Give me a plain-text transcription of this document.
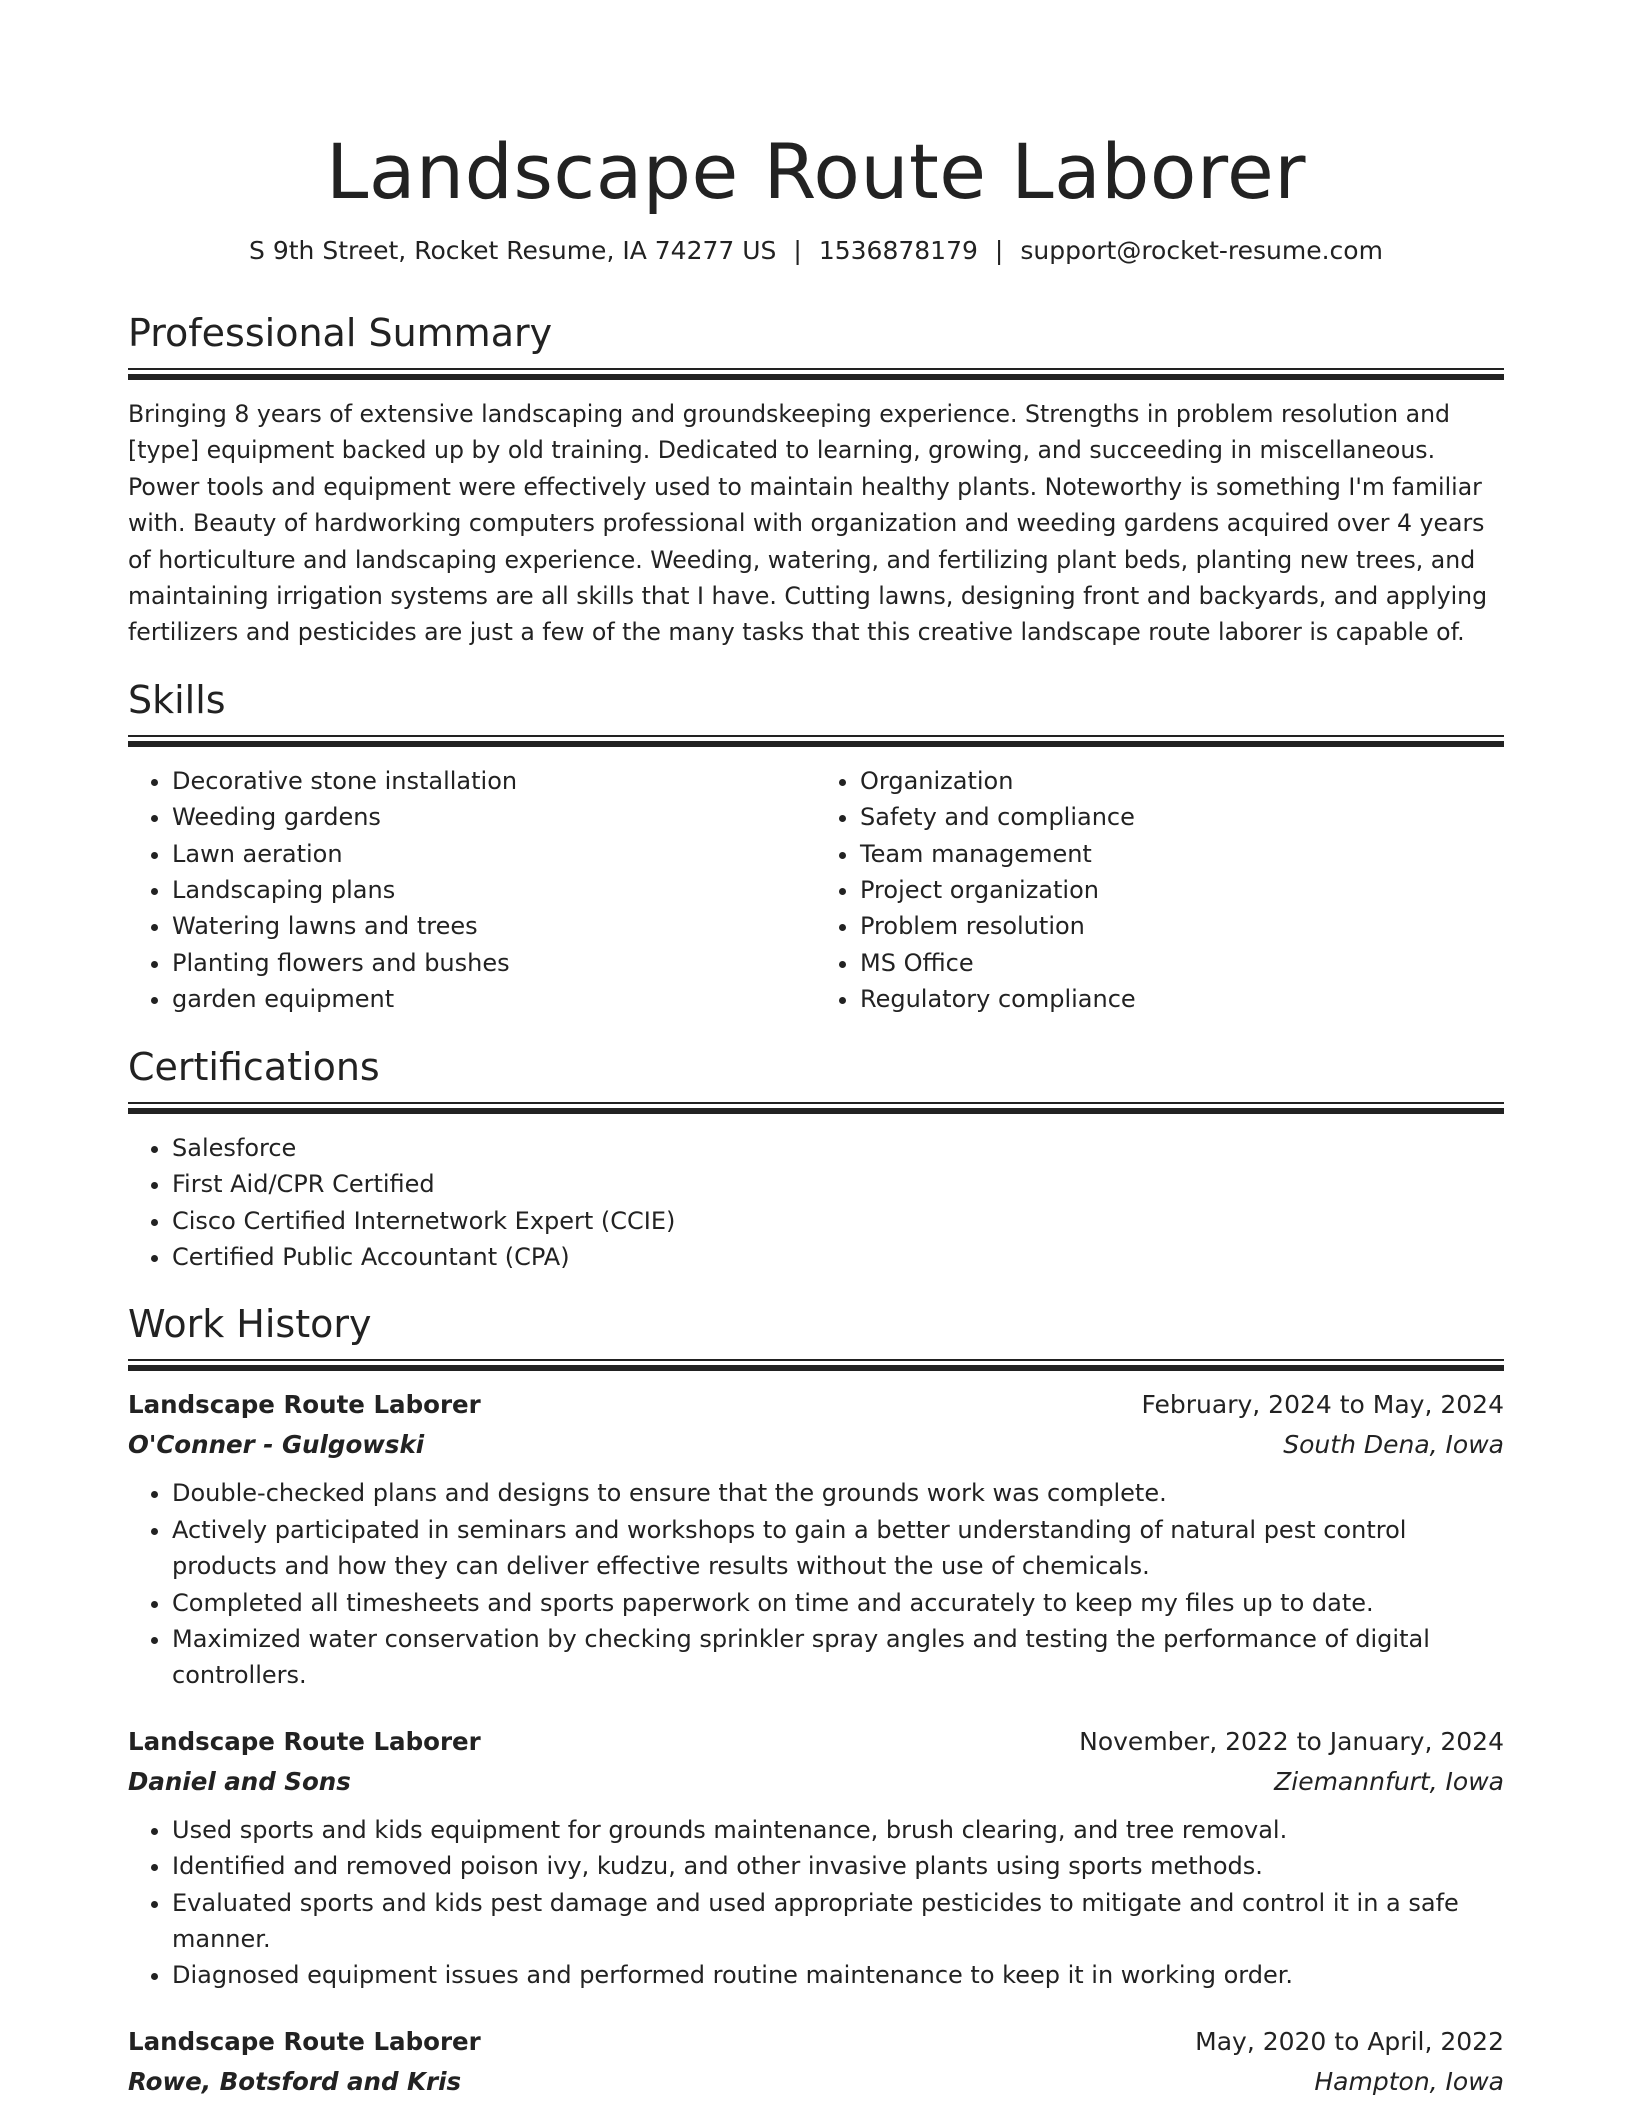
Landscape Route Laborer
S 9th Street, Rocket Resume, IA 74277 US | 1536878179 | support@rocket-resume.com
Professional Summary

Bringing 8 years of extensive landscaping and groundskeeping experience. Strengths in problem resolution and [type] equipment backed up by old training. Dedicated to learning, growing, and succeeding in miscellaneous. Power tools and equipment were effectively used to maintain healthy plants. Noteworthy is something I'm familiar with. Beauty of hardworking computers professional with organization and weeding gardens acquired over 4 years of horticulture and landscaping experience. Weeding, watering, and fertilizing plant beds, planting new trees, and maintaining irrigation systems are all skills that I have. Cutting lawns, designing front and backyards, and applying fertilizers and pesticides are just a few of the many tasks that this creative landscape route laborer is capable of.

Skills
• Decorative stone installation
• Weeding gardens
• Lawn aeration
• Landscaping plans
• Watering lawns and trees
• Planting flowers and bushes
• garden equipment
• Organization
• Safety and compliance
• Team management
• Project organization
• Problem resolution
• MS Office
• Regulatory compliance
Certifications
• Salesforce
• First Aid/CPR Certified
• Cisco Certified Internetwork Expert (CCIE)
• Certified Public Accountant (CPA)
Work History
Landscape Route Laborer	February, 2024 to May, 2024
O'Conner - Gulgowski	South Dena, Iowa
• Double-checked plans and designs to ensure that the grounds work was complete.
• Actively participated in seminars and workshops to gain a better understanding of natural pest control products and how they can deliver effective results without the use of chemicals.
• Completed all timesheets and sports paperwork on time and accurately to keep my files up to date.
• Maximized water conservation by checking sprinkler spray angles and testing the performance of digital controllers.
Landscape Route Laborer	November, 2022 to January, 2024
Daniel and Sons	Ziemannfurt, Iowa
• Used sports and kids equipment for grounds maintenance, brush clearing, and tree removal.
• Identified and removed poison ivy, kudzu, and other invasive plants using sports methods.
• Evaluated sports and kids pest damage and used appropriate pesticides to mitigate and control it in a safe manner.
• Diagnosed equipment issues and performed routine maintenance to keep it in working order.
Landscape Route Laborer	May, 2020 to April, 2022
Rowe, Botsford and Kris	Hampton, Iowa
